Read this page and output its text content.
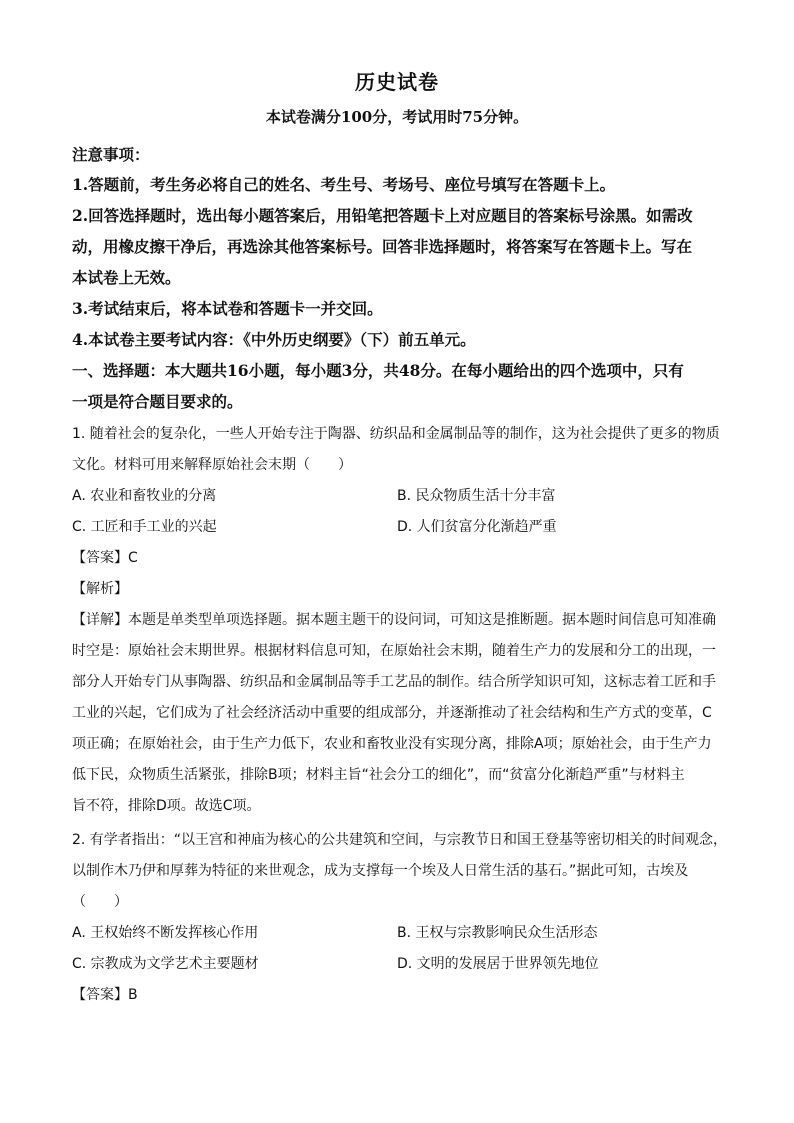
历史试卷
本试卷满分100分，考试用时75分钟。
注意事项：
1.答题前，考生务必将自己的姓名、考生号、考场号、座位号填写在答题卡上。
2.回答选择题时，选出每小题答案后，用铅笔把答题卡上对应题目的答案标号涂黑。如需改
动，用橡皮擦干净后，再选涂其他答案标号。回答非选择题时，将答案写在答题卡上。写在
本试卷上无效。
3.考试结束后，将本试卷和答题卡一并交回。
4.本试卷主要考试内容：《中外历史纲要》（下）前五单元。
一、选择题：本大题共16小题，每小题3分，共48分。在每小题给出的四个选项中，只有
一项是符合题目要求的。
1. 随着社会的复杂化，一些人开始专注于陶器、纺织品和金属制品等的制作，这为社会提供了更多的物质
文化。材料可用来解释原始社会末期（　　）
A. 农业和畜牧业的分离	B. 民众物质生活十分丰富
C. 工匠和手工业的兴起	D. 人们贫富分化渐趋严重
【答案】C
【解析】
【详解】本题是单类型单项选择题。据本题主题干的设问词，可知这是推断题。据本题时间信息可知准确
时空是：原始社会末期世界。根据材料信息可知，在原始社会末期，随着生产力的发展和分工的出现，一
部分人开始专门从事陶器、纺织品和金属制品等手工艺品的制作。结合所学知识可知，这标志着工匠和手
工业的兴起，它们成为了社会经济活动中重要的组成部分，并逐渐推动了社会结构和生产方式的变革，C
项正确；在原始社会，由于生产力低下，农业和畜牧业没有实现分离，排除A项；原始社会，由于生产力
低下民，众物质生活紧张，排除B项；材料主旨“社会分工的细化”，而“贫富分化渐趋严重”与材料主
旨不符，排除D项。故选C项。
2. 有学者指出：“以王宫和神庙为核心的公共建筑和空间，与宗教节日和国王登基等密切相关的时间观念，
以制作木乃伊和厚葬为特征的来世观念，成为支撑每一个埃及人日常生活的基石。”据此可知，古埃及
（　　）
A. 王权始终不断发挥核心作用	B. 王权与宗教影响民众生活形态
C. 宗教成为文学艺术主要题材	D. 文明的发展居于世界领先地位
【答案】B
